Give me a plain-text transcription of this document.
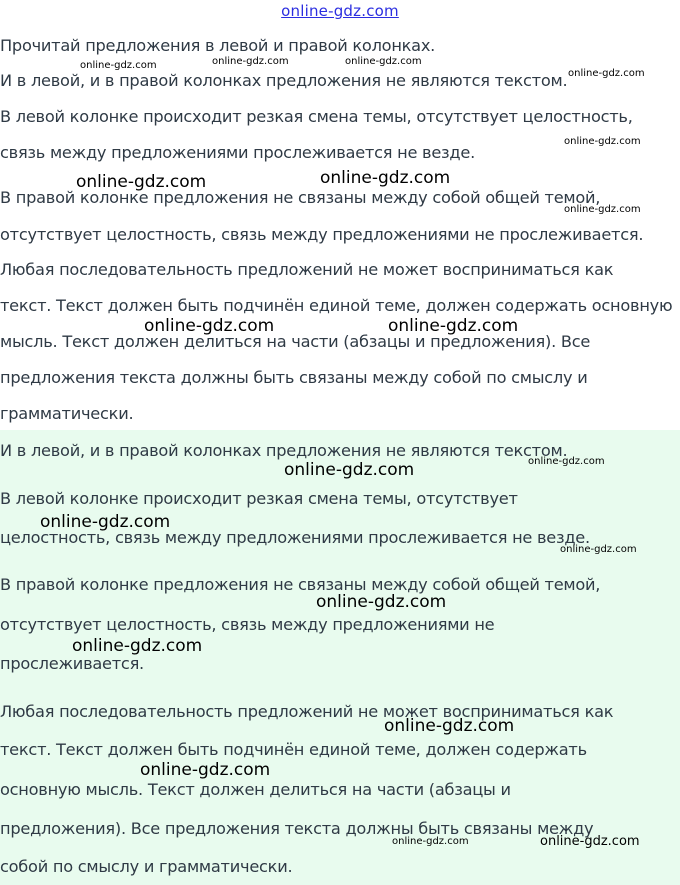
online-gdz.com
Прочитай предложения в левой и правой колонках.
И в левой, и в правой колонках предложения не являются текстом.
В левой колонке происходит резкая смена темы, отсутствует целостность,
связь между предложениями прослеживается не везде.
В правой колонке предложения не связаны между собой общей темой,
отсутствует целостность, связь между предложениями не прослеживается.
Любая последовательность предложений не может восприниматься как
текст. Текст должен быть подчинён единой теме, должен содержать основную
мысль. Текст должен делиться на части (абзацы и предложения). Все
предложения текста должны быть связаны между собой по смыслу и
грамматически.
И в левой, и в правой колонках предложения не являются текстом.
В левой колонке происходит резкая смена темы, отсутствует
целостность, связь между предложениями прослеживается не везде.
В правой колонке предложения не связаны между собой общей темой,
отсутствует целостность, связь между предложениями не
прослеживается.
Любая последовательность предложений не может восприниматься как
текст. Текст должен быть подчинён единой теме, должен содержать
основную мысль. Текст должен делиться на части (абзацы и
предложения). Все предложения текста должны быть связаны между
собой по смыслу и грамматически.
online-gdz.com	online-gdz.com	online-gdz.com
online-gdz.com
online-gdz.com
online-gdz.com	online-gdz.com
online-gdz.com
online-gdz.com	online-gdz.com
online-gdz.com	online-gdz.com
online-gdz.com
online-gdz.com
online-gdz.com
online-gdz.com
online-gdz.com
online-gdz.com
online-gdz.com	online-gdz.com
